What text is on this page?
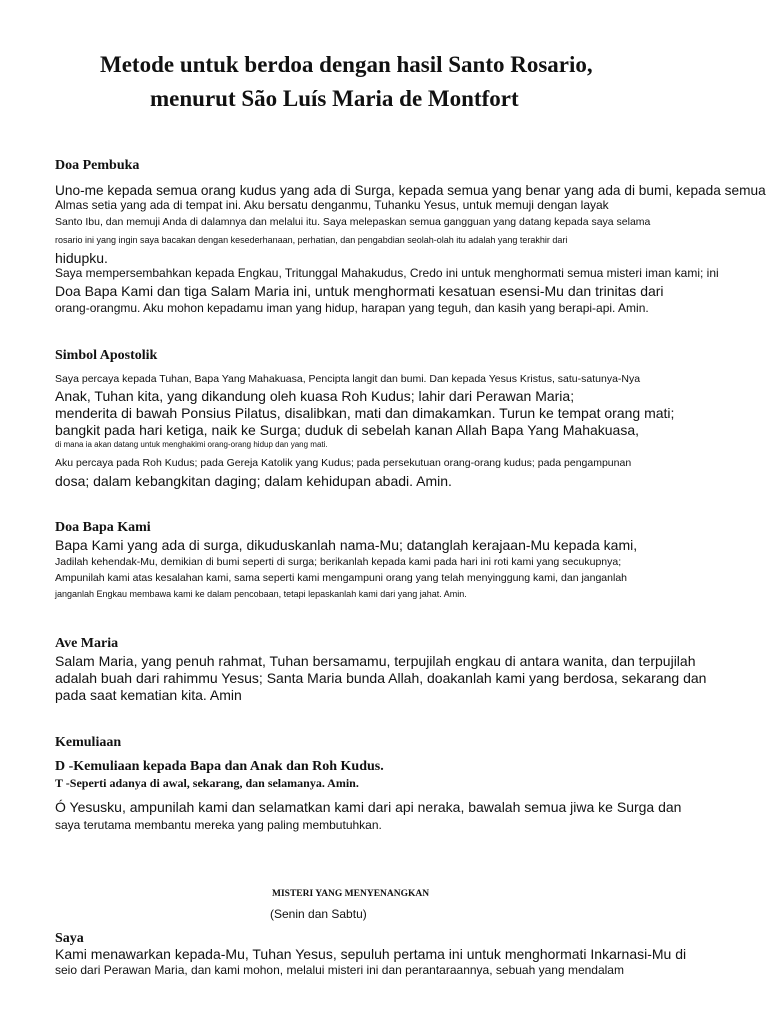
Metode untuk berdoa dengan hasil Santo Rosario,
menurut São Luís Maria de Montfort
Doa Pembuka
Uno-me kepada semua orang kudus yang ada di Surga, kepada semua yang benar yang ada di bumi, kepada semua
Almas setia yang ada di tempat ini. Aku bersatu denganmu, Tuhanku Yesus, untuk memuji dengan layak
Santo Ibu, dan memuji Anda di dalamnya dan melalui itu. Saya melepaskan semua gangguan yang datang kepada saya selama
rosario ini yang ingin saya bacakan dengan kesederhanaan, perhatian, dan pengabdian seolah-olah itu adalah yang terakhir dari
hidupku.
Saya mempersembahkan kepada Engkau, Tritunggal Mahakudus, Credo ini untuk menghormati semua misteri iman kami; ini
Doa Bapa Kami dan tiga Salam Maria ini, untuk menghormati kesatuan esensi-Mu dan trinitas dari
orang-orangmu. Aku mohon kepadamu iman yang hidup, harapan yang teguh, dan kasih yang berapi-api. Amin.
Simbol Apostolik
Saya percaya kepada Tuhan, Bapa Yang Mahakuasa, Pencipta langit dan bumi. Dan kepada Yesus Kristus, satu-satunya-Nya
Anak, Tuhan kita, yang dikandung oleh kuasa Roh Kudus; lahir dari Perawan Maria;
menderita di bawah Ponsius Pilatus, disalibkan, mati dan dimakamkan. Turun ke tempat orang mati;
bangkit pada hari ketiga, naik ke Surga; duduk di sebelah kanan Allah Bapa Yang Mahakuasa,
di mana ia akan datang untuk menghakimi orang-orang hidup dan yang mati.
Aku percaya pada Roh Kudus; pada Gereja Katolik yang Kudus; pada persekutuan orang-orang kudus; pada pengampunan
dosa; dalam kebangkitan daging; dalam kehidupan abadi. Amin.
Doa Bapa Kami
Bapa Kami yang ada di surga, dikuduskanlah nama-Mu; datanglah kerajaan-Mu kepada kami,
Jadilah kehendak-Mu, demikian di bumi seperti di surga; berikanlah kepada kami pada hari ini roti kami yang secukupnya;
Ampunilah kami atas kesalahan kami, sama seperti kami mengampuni orang yang telah menyinggung kami, dan janganlah
janganlah Engkau membawa kami ke dalam pencobaan, tetapi lepaskanlah kami dari yang jahat. Amin.
Ave Maria
Salam Maria, yang penuh rahmat, Tuhan bersamamu, terpujilah engkau di antara wanita, dan terpujilah
adalah buah dari rahimmu Yesus; Santa Maria bunda Allah, doakanlah kami yang berdosa, sekarang dan
pada saat kematian kita. Amin
Kemuliaan
D -Kemuliaan kepada Bapa dan Anak dan Roh Kudus.
T -Seperti adanya di awal, sekarang, dan selamanya. Amin.
Ó Yesusku, ampunilah kami dan selamatkan kami dari api neraka, bawalah semua jiwa ke Surga dan
saya terutama membantu mereka yang paling membutuhkan.
MISTERI YANG MENYENANGKAN
(Senin dan Sabtu)
Saya
Kami menawarkan kepada-Mu, Tuhan Yesus, sepuluh pertama ini untuk menghormati Inkarnasi-Mu di
seio dari Perawan Maria, dan kami mohon, melalui misteri ini dan perantaraannya, sebuah yang mendalam
